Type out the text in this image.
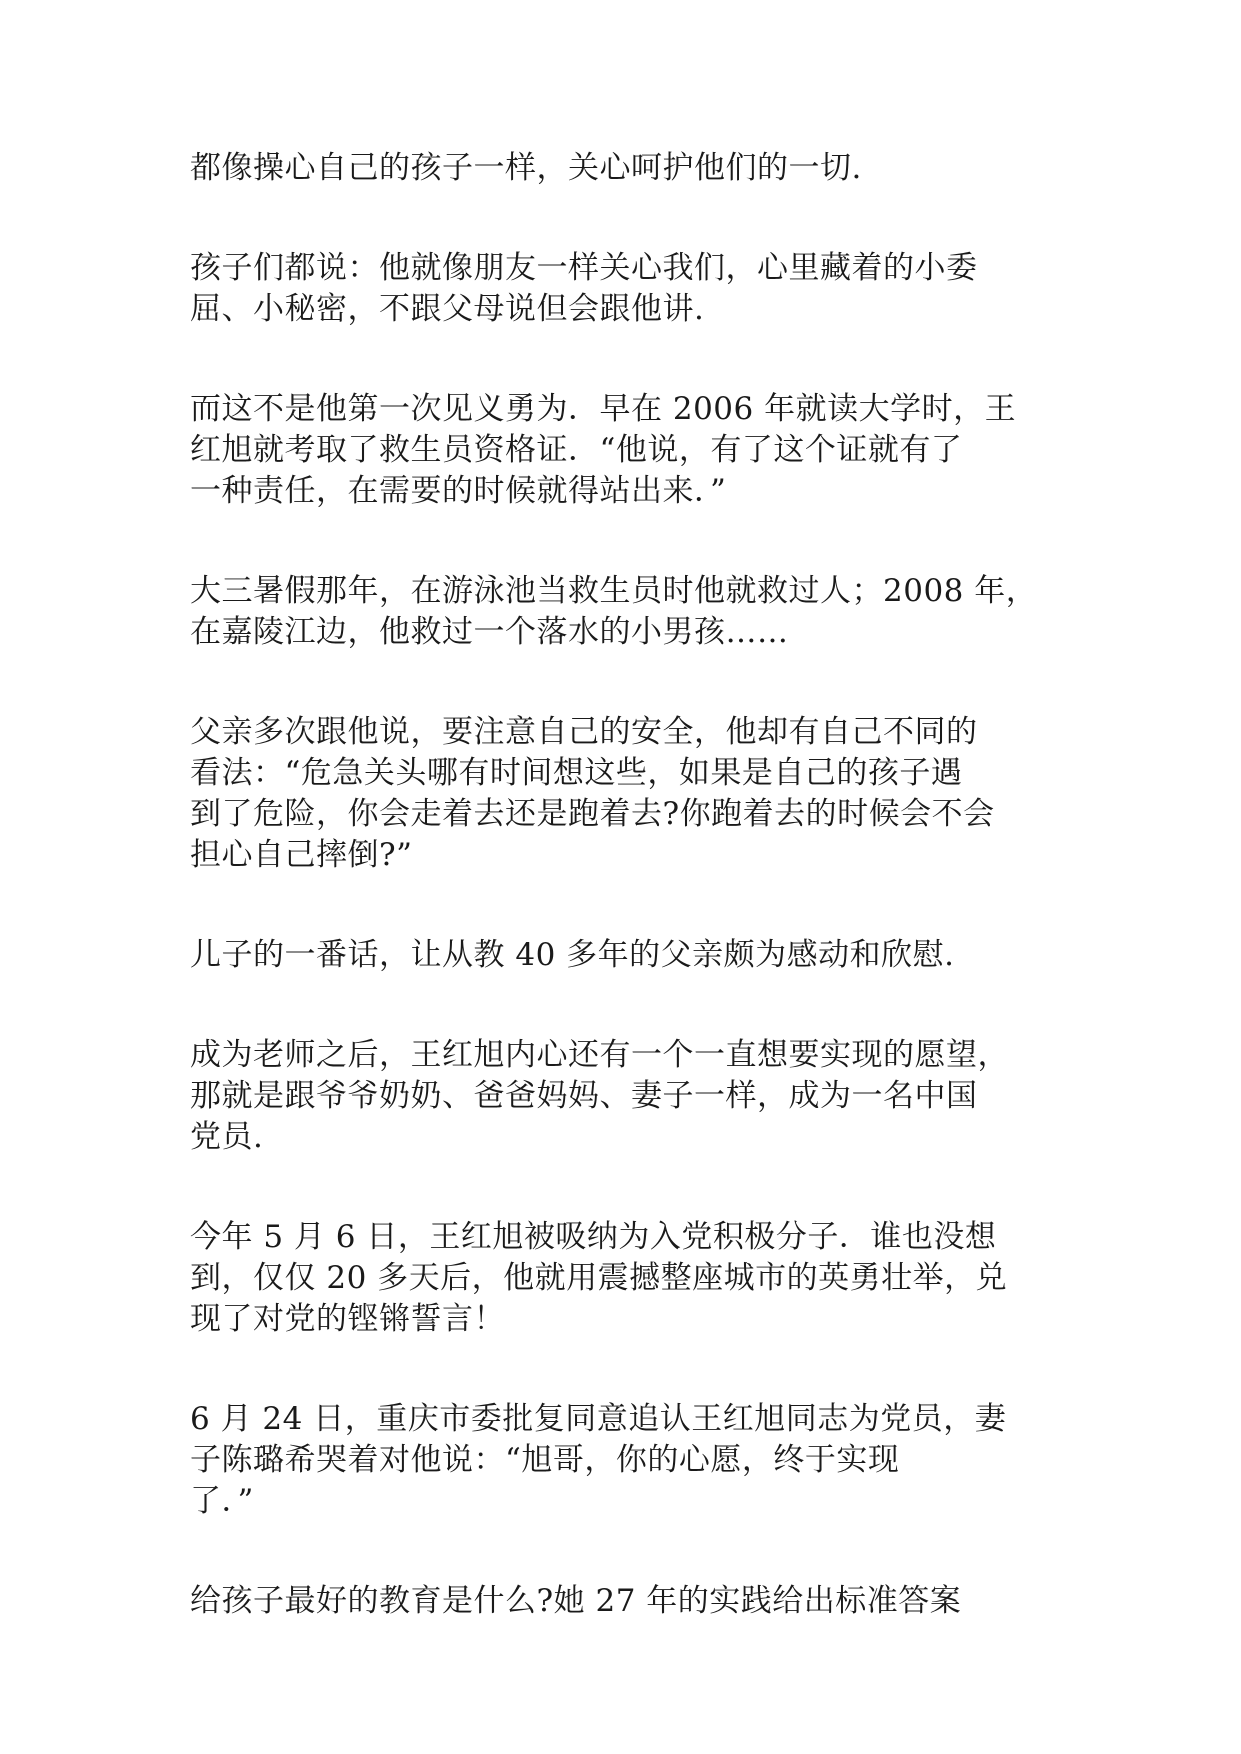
都像操心自己的孩子一样，关心呵护他们的一切.

孩子们都说：他就像朋友一样关心我们，心里藏着的小委
屈、小秘密，不跟父母说但会跟他讲.

而这不是他第一次见义勇为．早在 2006 年就读大学时，王
红旭就考取了救生员资格证．“他说，有了这个证就有了
一种责任，在需要的时候就得站出来．”

大三暑假那年，在游泳池当救生员时他就救过人；2008 年，
在嘉陵江边，他救过一个落水的小男孩……

父亲多次跟他说，要注意自己的安全，他却有自己不同的
看法：“危急关头哪有时间想这些，如果是自己的孩子遇
到了危险，你会走着去还是跑着去?你跑着去的时候会不会
担心自己摔倒?”

儿子的一番话，让从教 40 多年的父亲颇为感动和欣慰.

成为老师之后，王红旭内心还有一个一直想要实现的愿望，
那就是跟爷爷奶奶、爸爸妈妈、妻子一样，成为一名中国
党员.

今年 5 月 6 日，王红旭被吸纳为入党积极分子．谁也没想
到，仅仅 20 多天后，他就用震撼整座城市的英勇壮举，兑
现了对党的铿锵誓言！

6 月 24 日，重庆市委批复同意追认王红旭同志为党员，妻
子陈璐希哭着对他说：“旭哥，你的心愿，终于实现
了．”

给孩子最好的教育是什么?她 27 年的实践给出标准答案
